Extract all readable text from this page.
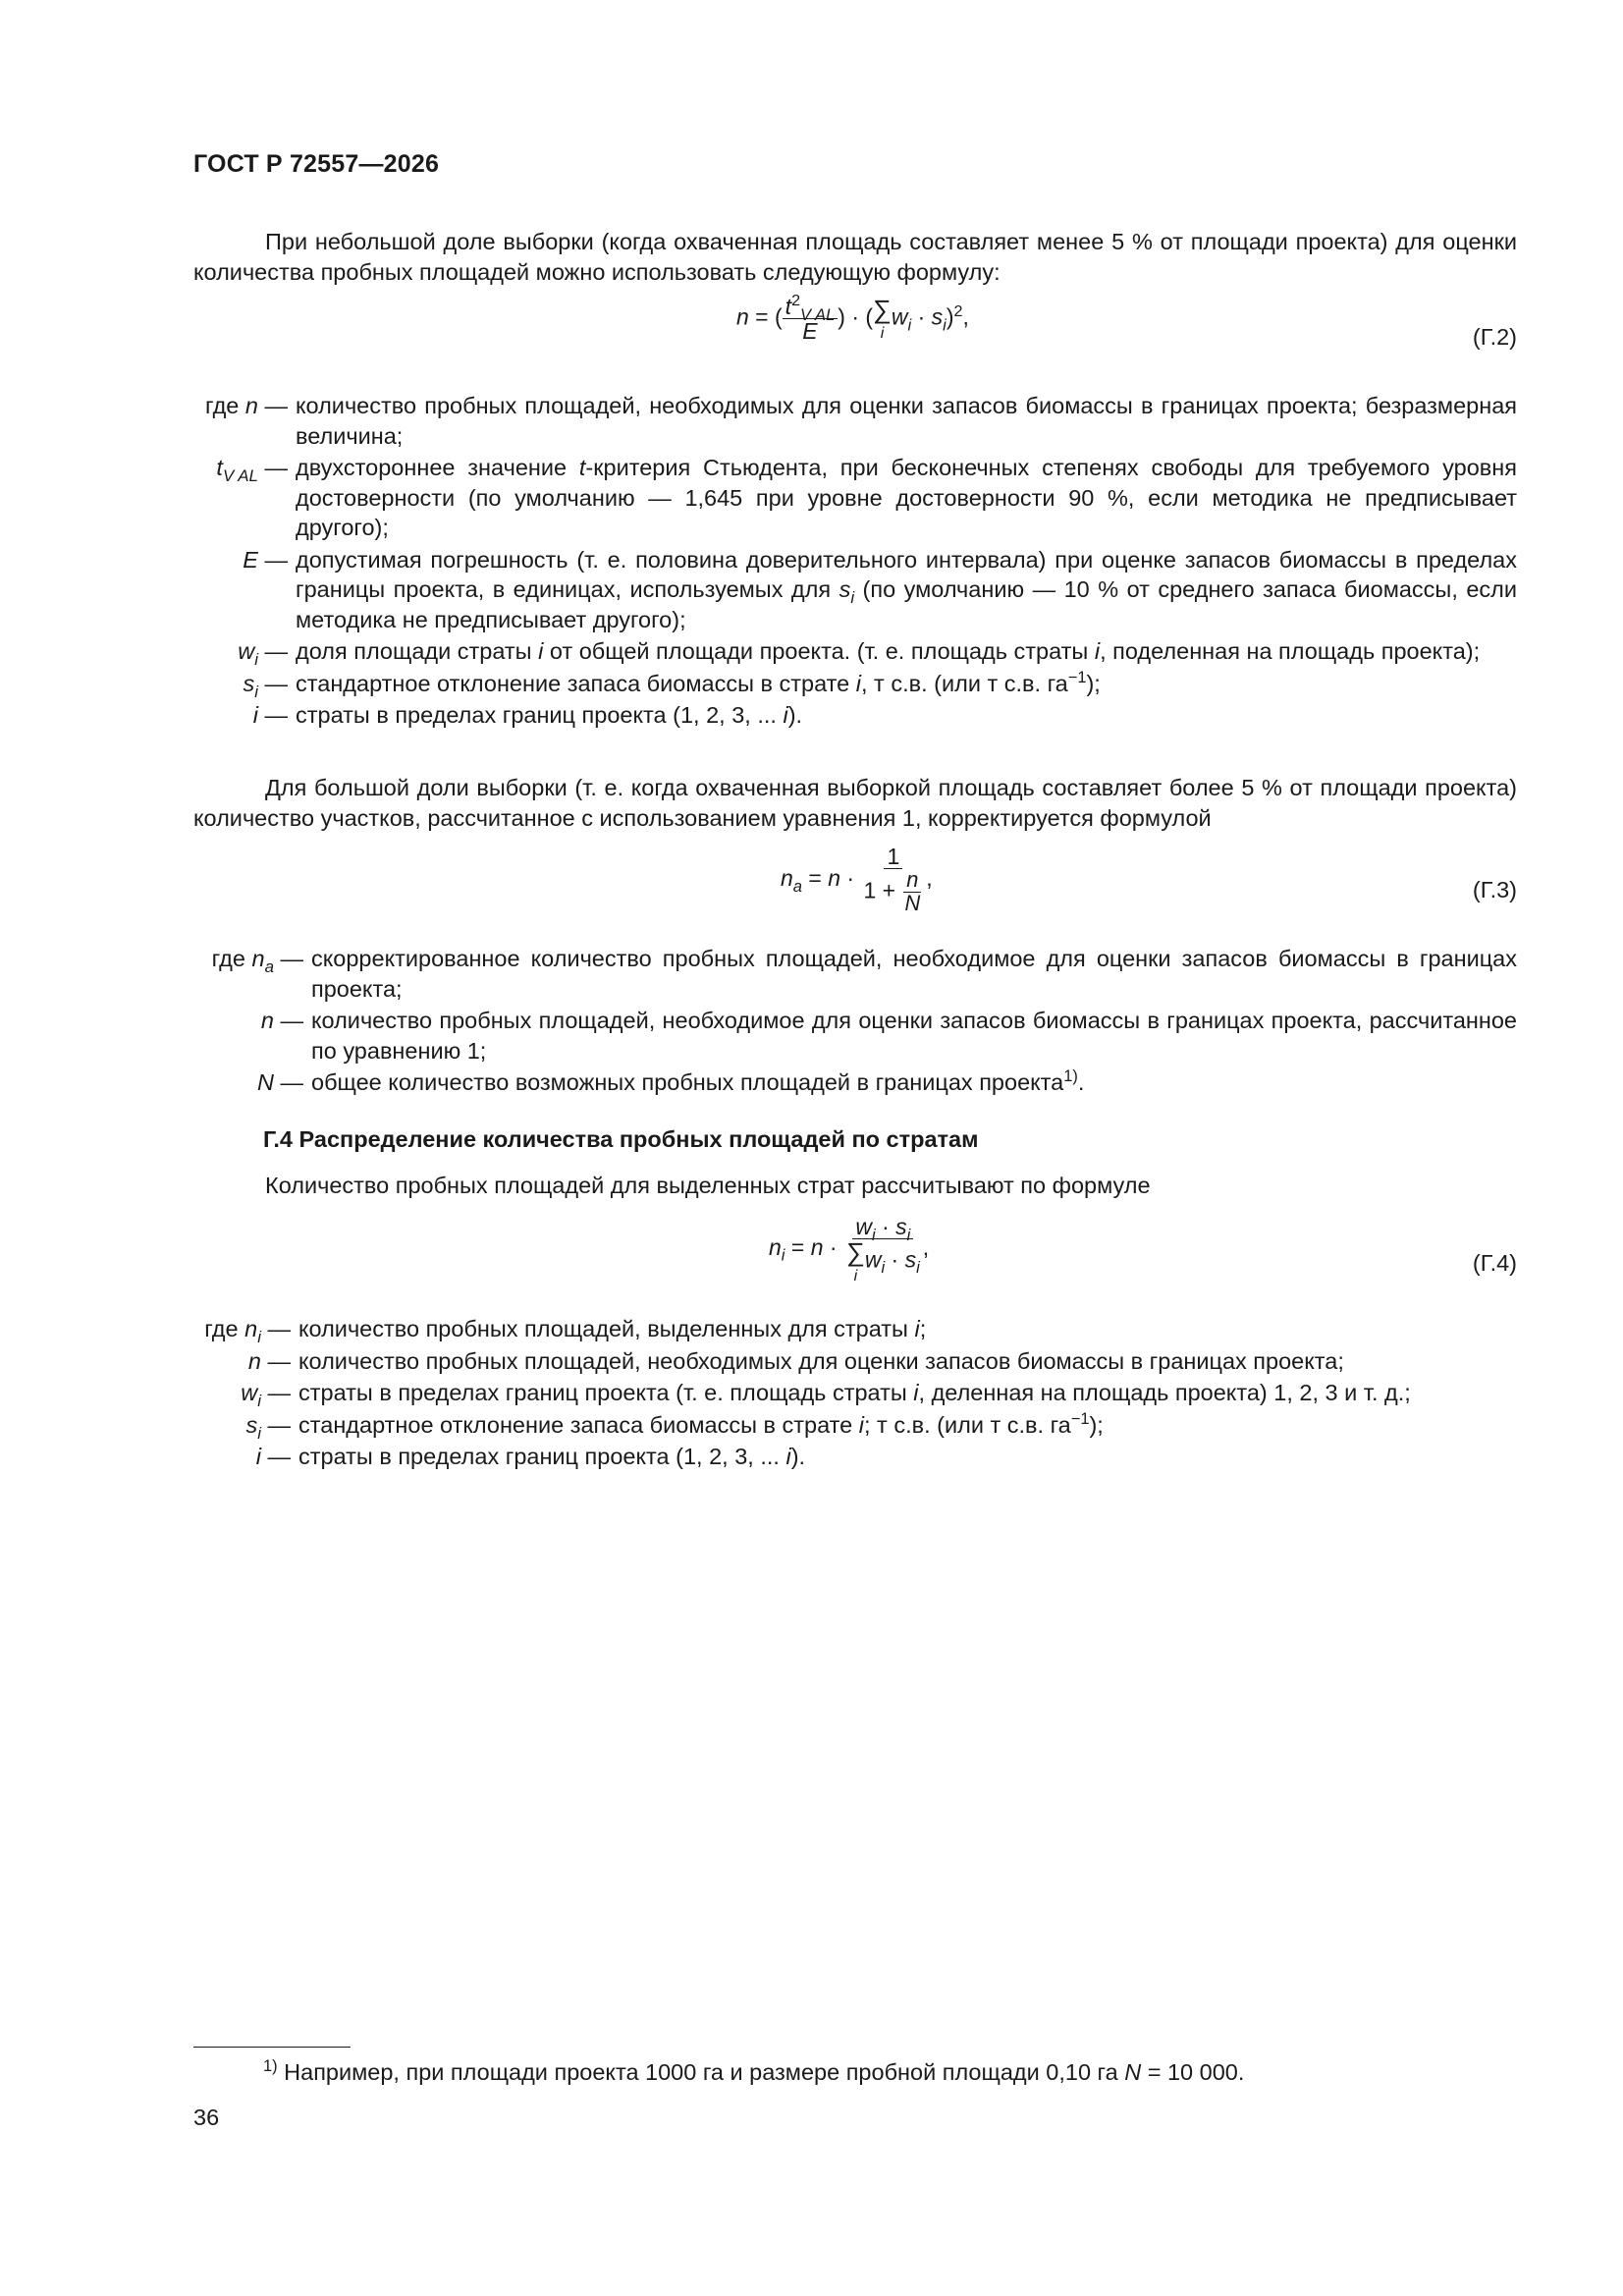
ГОСТ Р 72557—2026
При небольшой доле выборки (когда охваченная площадь составляет менее 5 % от площади проекта) для оценки количества пробных площадей можно использовать следующую формулу:
n = ( $\frac{t^2_{V AL}}{E}$ ) · ( ∑
i
$w_i \cdot s_i)^2$,
(Г.2)
где n — количество пробных площадей, необходимых для оценки запасов биомассы в границах проекта; безразмерная величина;
$t_{V AL}$ — двухстороннее значение t-критерия Стьюдента, при бесконечных степенях свободы для требуемого уровня достоверности (по умолчанию — 1,645 при уровне достоверности 90 %, если методика не предписывает другого);
E — допустимая погрешность (т. е. половина доверительного интервала) при оценке запасов биомассы в пределах границы проекта, в единицах, используемых для $s_i$ (по умолчанию — 10 % от среднего запаса биомассы, если методика не предписывает другого);
$w_i$ — доля площади страты i от общей площади проекта. (т. е. площадь страты i, поделенная на площадь проекта);
$s_i$ — стандартное отклонение запаса биомассы в страте i, т с.в. (или т с.в. $га^{-1}$);
i — страты в пределах границ проекта (1, 2, 3, ... i).
Для большой доли выборки (т. е. когда охваченная выборкой площадь составляет более 5 % от площади проекта) количество участков, рассчитанное с использованием уравнения 1, корректируется формулой
$n_a = n \cdot \frac{1}{1 + \frac{n}{N}}$ ,	(Г.3)
где $n_a$ — скорректированное количество пробных площадей, необходимое для оценки запасов биомассы в границах проекта;
n — количество пробных площадей, необходимое для оценки запасов биомассы в границах проекта, рассчитанное по уравнению 1;
N — общее количество возможных пробных площадей в границах проекта$^{1)}$.
Г.4 Распределение количества пробных площадей по стратам
Количество пробных площадей для выделенных страт рассчитывают по формуле
$n_i = n \cdot w_i \cdot s_i$
∑
i
$w_i \cdot s_i$ ,
(Г.4)
где $n_i$ — количество пробных площадей, выделенных для страты i;
n — количество пробных площадей, необходимых для оценки запасов биомассы в границах проекта;
$w_i$ — страты в пределах границ проекта (т. е. площадь страты i, деленная на площадь проекта) 1, 2, 3 и т. д.;
$s_i$ — стандартное отклонение запаса биомассы в страте i; т с.в. (или т с.в. $га^{-1}$);
i — страты в пределах границ проекта (1, 2, 3, ... i).
$^{1)}$ Например, при площади проекта 1000 га и размере пробной площади 0,10 га N = 10 000.
36
